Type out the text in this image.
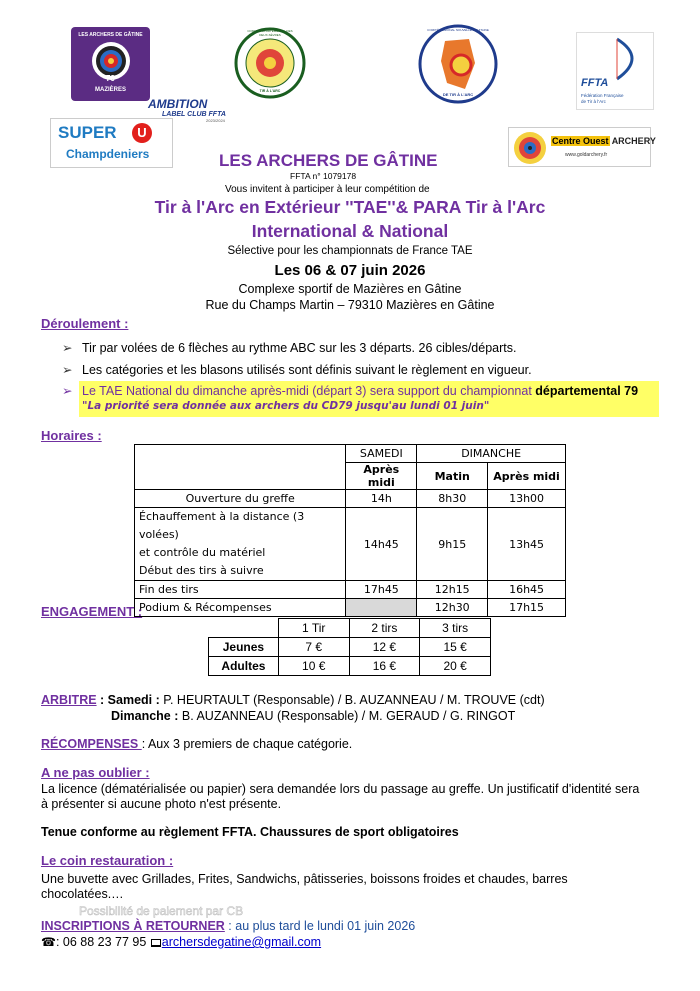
LES ARCHERS DE GÂTINE
79
MAZIÈRES
COMITÉ DÉPARTEMENTAL DES DEUX-SÈVRES
TIR À L'ARC
COMITÉ RÉGIONAL NOUVELLE-AQUITAINE
DE TIR À L'ARC
FFTA
Fédération Française
de Tir à l'Arc
AMBITION
LABEL CLUB FFTA
2023/2024
SUPER	U
Champdeniers
Centre Ouest ARCHERY
www.goldarchery.fr
LES ARCHERS DE GÂTINE
FFTA n° 1079178
Vous invitent à participer à leur compétition de
Tir à l'Arc en Extérieur ''TAE''& PARA Tir à l'Arc
International & National
Sélective pour les championnats de France TAE
Les 06 & 07 juin 2026
Complexe sportif de Mazières en Gâtine
Rue du Champs Martin – 79310 Mazières en Gâtine
Déroulement :
➢ Tir par volées de 6 flèches au rythme ABC sur les 3 départs. 26 cibles/départs.
➢ Les catégories et les blasons utilisés sont définis suivant le règlement en vigueur.
➢ Le TAE National du dimanche après-midi (départ 3) sera support du championnat départemental 79
"La priorité sera donnée aux archers du CD79 jusqu'au lundi 01 juin"
Horaires :
	SAMEDI	DIMANCHE	
	Après midi	Matin	Après midi
Ouverture du greffe	14h	8h30	13h00

Échauffement à la distance (3 volées)
et contrôle du matériel
Début des tirs à suivre	14h45	9h15	13h45
Fin des tirs	17h45	12h15	16h45
Podium & Récompenses		12h30	17h15
ENGAGEMENT :
	1 Tir	2 tirs	3 tirs
Jeunes	7 €	12 €	15 €
Adultes	10 €	16 €	20 €
ARBITRE : Samedi : P. HEURTAULT (Responsable) / B. AUZANNEAU / M. TROUVE (cdt)
Dimanche : B. AUZANNEAU (Responsable) / M. GERAUD / G. RINGOT
RÉCOMPENSES : Aux 3 premiers de chaque catégorie.
A ne pas oublier :
La licence (dématérialisée ou papier) sera demandée lors du passage au greffe. Un justificatif d'identité sera
à présenter si aucune photo n'est présente.
Tenue conforme au règlement FFTA. Chaussures de sport obligatoires
Le coin restauration :
Une buvette avec Grillades, Frites, Sandwichs, pâtisseries, boissons froides et chaudes, barres
chocolatées.…
Possibilité de paiement par CB
INSCRIPTIONS À RETOURNER : au plus tard le lundi 01 juin 2026
☎: 06 88 23 77 95 archersdegatine@gmail.com
